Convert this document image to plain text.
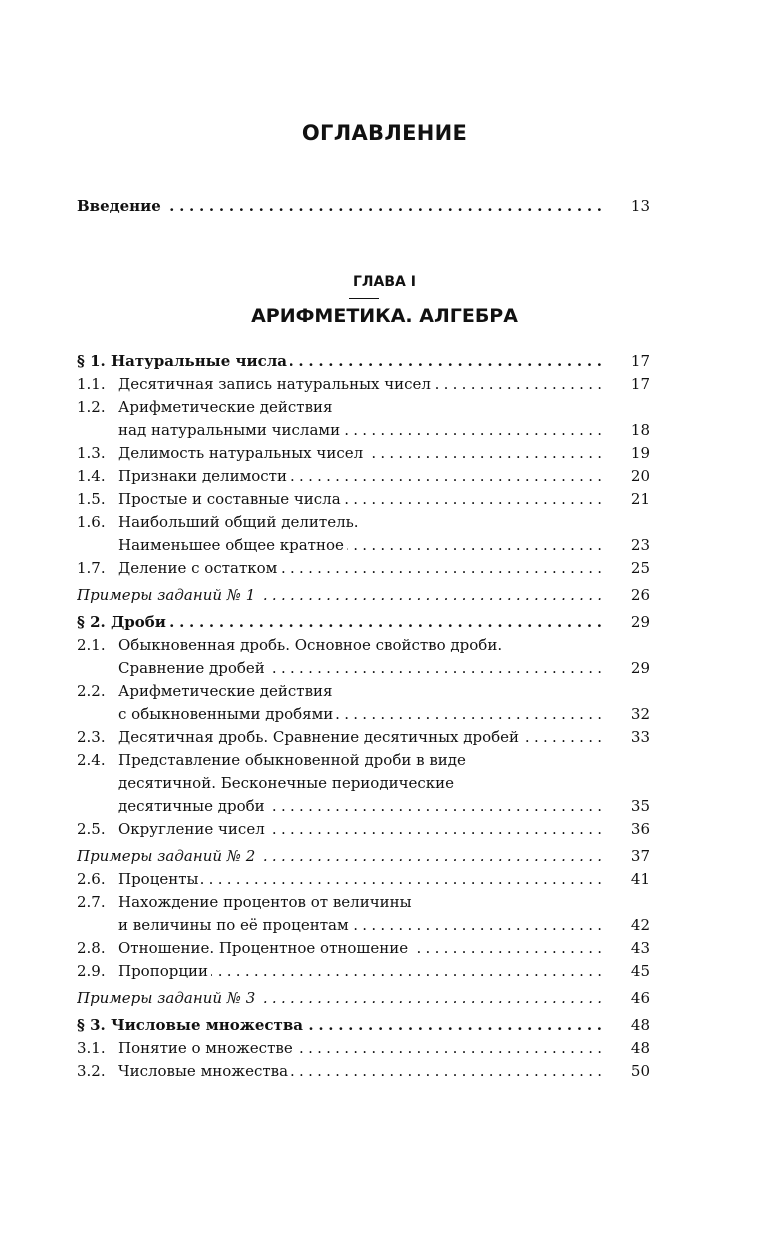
ОГЛАВЛЕНИЕ
Введение . . .	13
ГЛАВА I
АРИФМЕТИКА. АЛГЕБРА
§ 1. Натуральные числа . . .	17
1.1. Десятичная запись натуральных чисел . . .	17
1.2. Арифметические действия
над натуральными числами . . .	18
1.3. Делимость натуральных чисел . . .	19
1.4. Признаки делимости . . .	20
1.5. Простые и составные числа . . .	21
1.6. Наибольший общий делитель.
Наименьшее общее кратное . . .	23
1.7. Деление с остатком . . .	25
Примеры заданий № 1 . . .	26
§ 2. Дроби . . .	29
2.1. Обыкновенная дробь. Основное свойство дроби.
Сравнение дробей . . .	29
2.2. Арифметические действия
с обыкновенными дробями . . .	32
2.3. Десятичная дробь. Сравнение десятичных дробей . . .	33
2.4. Представление обыкновенной дроби в виде
десятичной. Бесконечные периодические
десятичные дроби . . .	35
2.5. Округление чисел . . .	36
Примеры заданий № 2 . . .	37
2.6. Проценты . . .	41
2.7. Нахождение процентов от величины
и величины по её процентам . . .	42
2.8. Отношение. Процентное отношение . . .	43
2.9. Пропорции . . .	45
Примеры заданий № 3 . . .	46
§ 3. Числовые множества . . .	48
3.1. Понятие о множестве . . .	48
3.2. Числовые множества . . .	50
